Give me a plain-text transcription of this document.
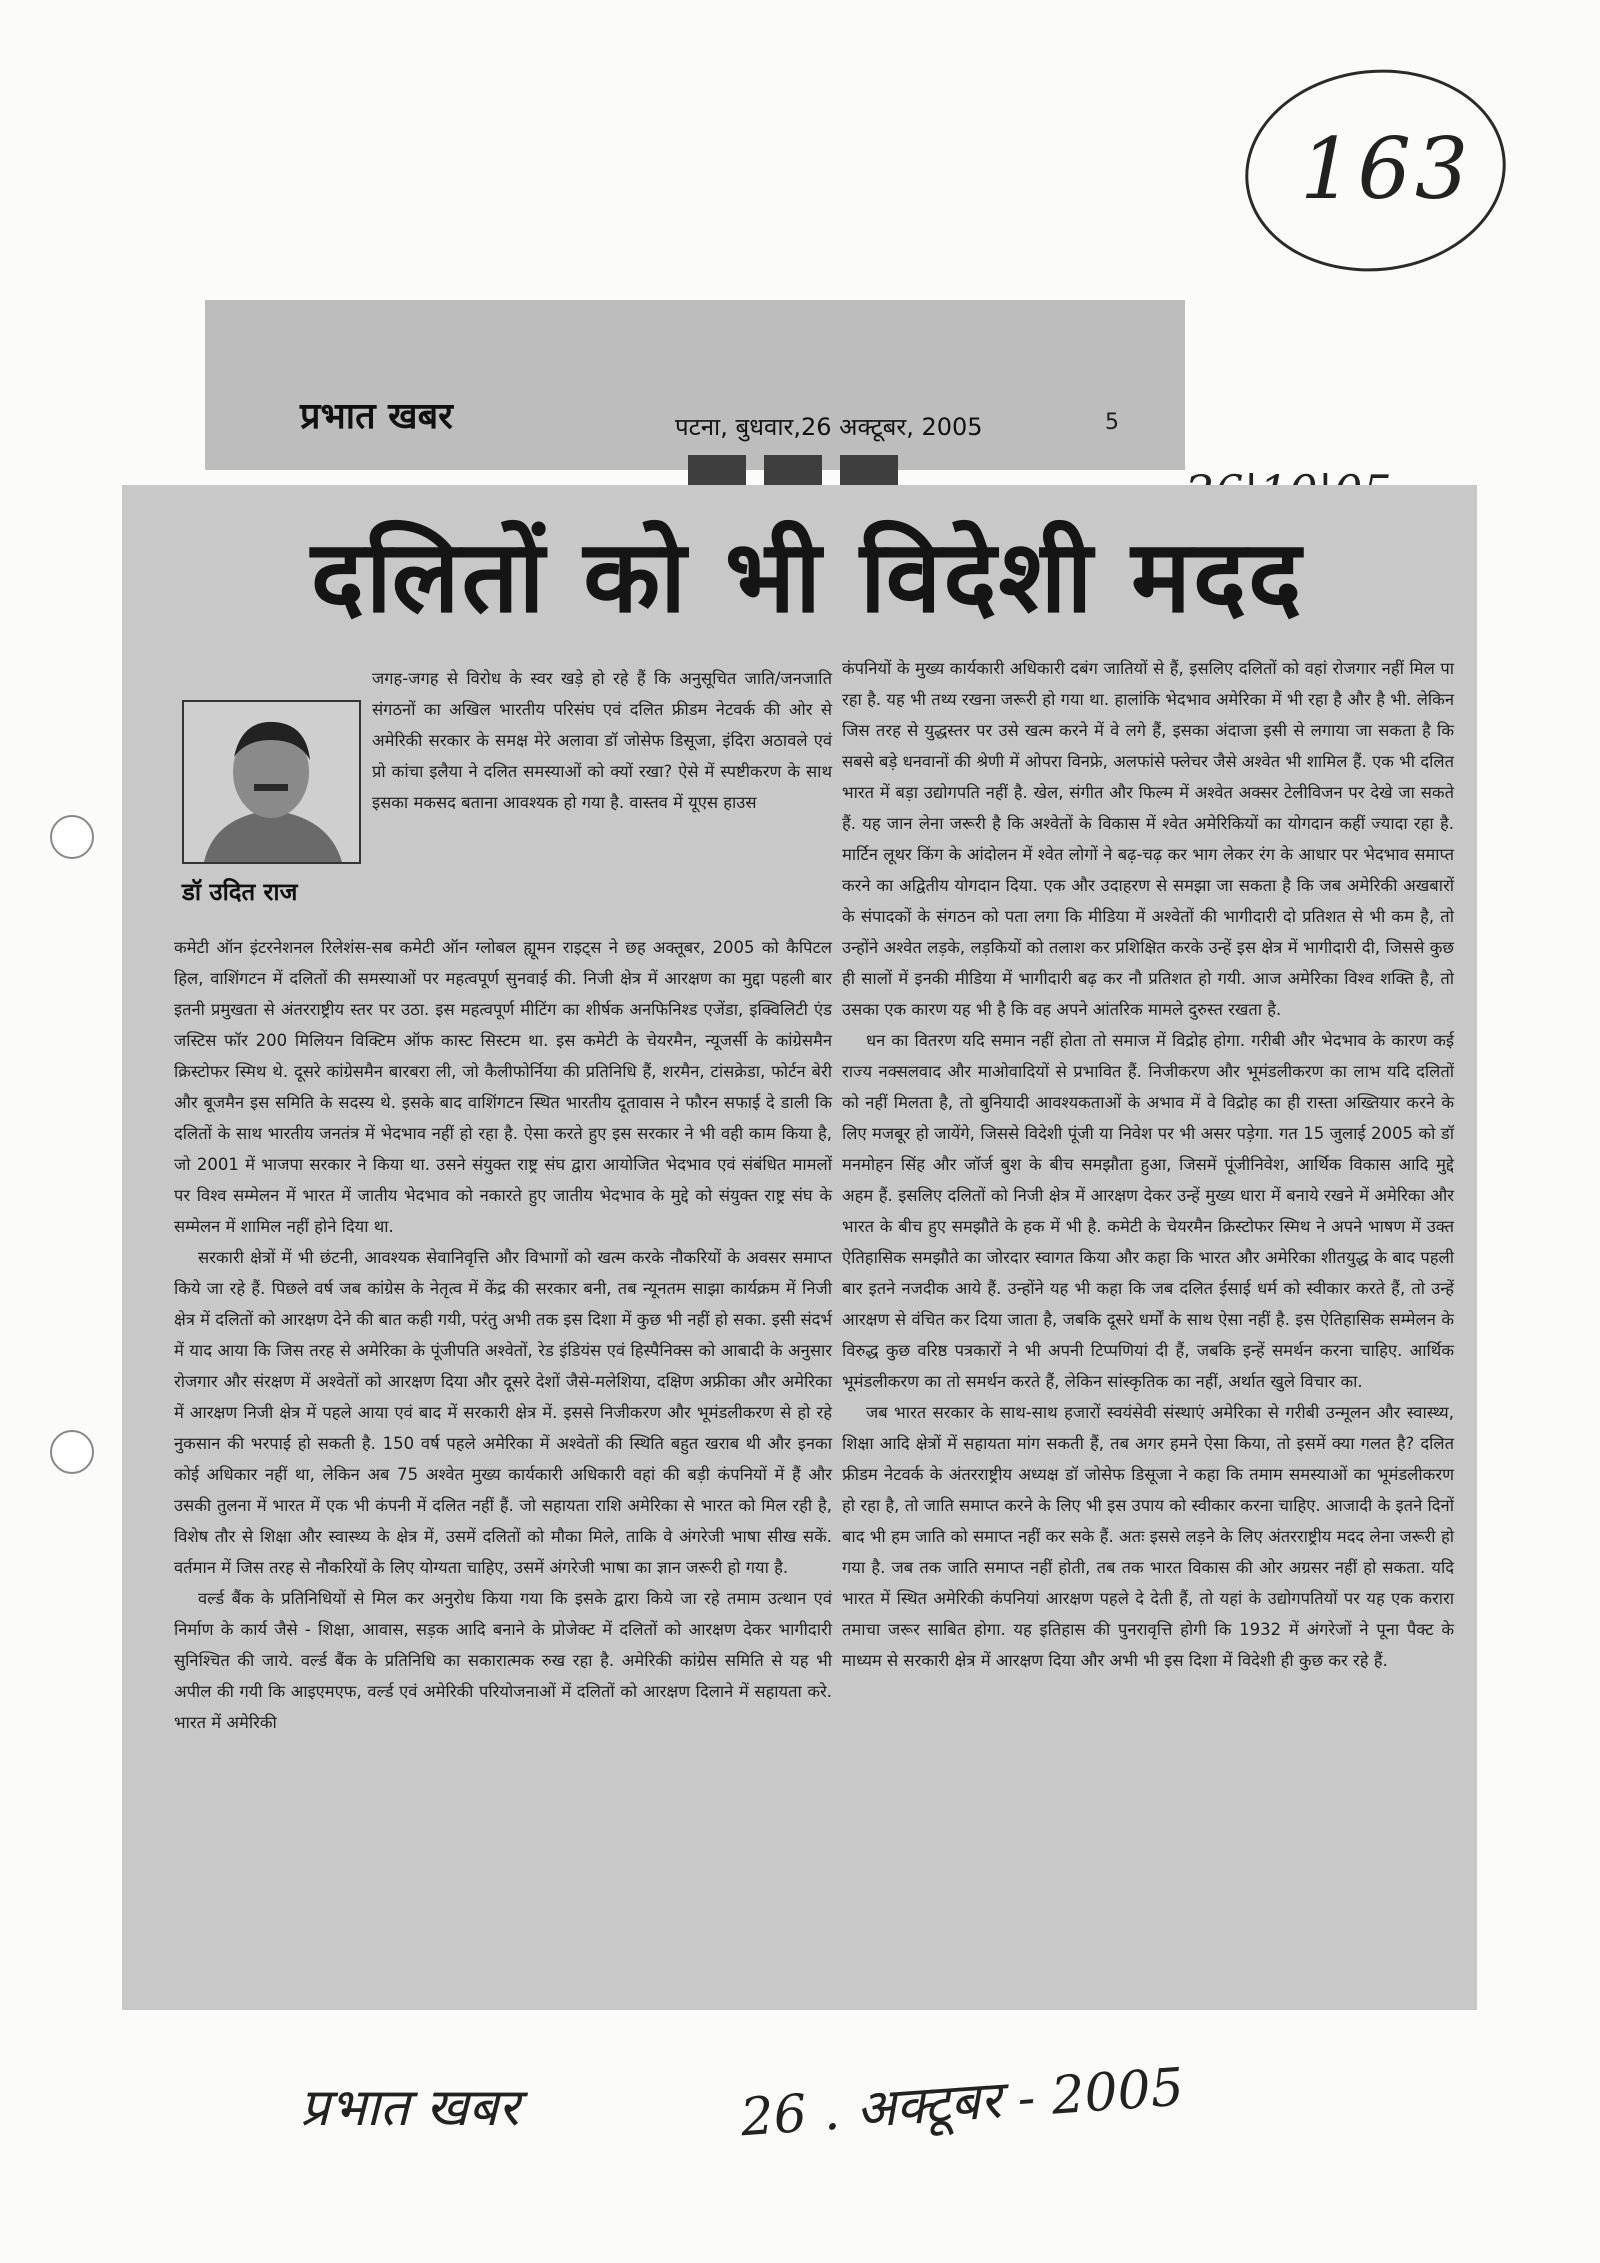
163
प्रभात खबर	पटना, बुधवार,26 अक्टूबर, 2005	5
दलितों को भी विदेशी मदद
डॉ उदित राज

जगह-जगह से विरोध के स्वर खड़े हो रहे हैं कि अनुसूचित जाति/जनजाति संगठनों का अखिल भारतीय परिसंघ एवं दलित फ्रीडम नेटवर्क की ओर से अमेरिकी सरकार के समक्ष मेरे अलावा डॉ जोसेफ डिसूजा, इंदिरा अठावले एवं प्रो कांचा इलैया ने दलित समस्याओं को क्यों रखा? ऐसे में स्पष्टीकरण के साथ इसका मकसद बताना आवश्यक हो गया है. वास्तव में यूएस हाउस

कमेटी ऑन इंटरनेशनल रिलेशंस-सब कमेटी ऑन ग्लोबल ह्यूमन राइट्स ने छह अक्तूबर, 2005 को कैपिटल हिल, वाशिंगटन में दलितों की समस्याओं पर महत्वपूर्ण सुनवाई की. निजी क्षेत्र में आरक्षण का मुद्दा पहली बार इतनी प्रमुखता से अंतरराष्ट्रीय स्तर पर उठा. इस महत्वपूर्ण मीटिंग का शीर्षक अनफिनिश्ड एजेंडा, इक्विलिटी एंड जस्टिस फॉर 200 मिलियन विक्टिम ऑफ कास्ट सिस्टम था. इस कमेटी के चेयरमैन, न्यूजर्सी के कांग्रेसमैन क्रिस्टोफर स्मिथ थे. दूसरे कांग्रेसमैन बारबरा ली, जो कैलीफोर्निया की प्रतिनिधि हैं, शरमैन, टांसक्रेडा, फोर्टन बेरी और बूजमैन इस समिति के सदस्य थे. इसके बाद वाशिंगटन स्थित भारतीय दूतावास ने फौरन सफाई दे डाली कि दलितों के साथ भारतीय जनतंत्र में भेदभाव नहीं हो रहा है. ऐसा करते हुए इस सरकार ने भी वही काम किया है, जो 2001 में भाजपा सरकार ने किया था. उसने संयुक्त राष्ट्र संघ द्वारा आयोजित भेदभाव एवं संबंधित मामलों पर विश्व सम्मेलन में भारत में जातीय भेदभाव को नकारते हुए जातीय भेदभाव के मुद्दे को संयुक्त राष्ट्र संघ के सम्मेलन में शामिल नहीं होने दिया था.

सरकारी क्षेत्रों में भी छंटनी, आवश्यक सेवानिवृत्ति और विभागों को खत्म करके नौकरियों के अवसर समाप्त किये जा रहे हैं. पिछले वर्ष जब कांग्रेस के नेतृत्व में केंद्र की सरकार बनी, तब न्यूनतम साझा कार्यक्रम में निजी क्षेत्र में दलितों को आरक्षण देने की बात कही गयी, परंतु अभी तक इस दिशा में कुछ भी नहीं हो सका. इसी संदर्भ में याद आया कि जिस तरह से अमेरिका के पूंजीपति अश्वेतों, रेड इंडियंस एवं हिस्पैनिक्स को आबादी के अनुसार रोजगार और संरक्षण में अश्वेतों को आरक्षण दिया और दूसरे देशों जैसे-मलेशिया, दक्षिण अफ्रीका और अमेरिका में आरक्षण निजी क्षेत्र में पहले आया एवं बाद में सरकारी क्षेत्र में. इससे निजीकरण और भूमंडलीकरण से हो रहे नुकसान की भरपाई हो सकती है. 150 वर्ष पहले अमेरिका में अश्वेतों की स्थिति बहुत खराब थी और इनका कोई अधिकार नहीं था, लेकिन अब 75 अश्वेत मुख्य कार्यकारी अधिकारी वहां की बड़ी कंपनियों में हैं और उसकी तुलना में भारत में एक भी कंपनी में दलित नहीं हैं. जो सहायता राशि अमेरिका से भारत को मिल रही है, विशेष तौर से शिक्षा और स्वास्थ्य के क्षेत्र में, उसमें दलितों को मौका मिले, ताकि वे अंगरेजी भाषा सीख सकें. वर्तमान में जिस तरह से नौकरियों के लिए योग्यता चाहिए, उसमें अंगरेजी भाषा का ज्ञान जरूरी हो गया है.

वर्ल्ड बैंक के प्रतिनिधियों से मिल कर अनुरोध किया गया कि इसके द्वारा किये जा रहे तमाम उत्थान एवं निर्माण के कार्य जैसे - शिक्षा, आवास, सड़क आदि बनाने के प्रोजेक्ट में दलितों को आरक्षण देकर भागीदारी सुनिश्चित की जाये. वर्ल्ड बैंक के प्रतिनिधि का सकारात्मक रुख रहा है. अमेरिकी कांग्रेस समिति से यह भी अपील की गयी कि आइएमएफ, वर्ल्ड एवं अमेरिकी परियोजनाओं में दलितों को आरक्षण दिलाने में सहायता करे. भारत में अमेरिकी

कंपनियों के मुख्य कार्यकारी अधिकारी दबंग जातियों से हैं, इसलिए दलितों को वहां रोजगार नहीं मिल पा रहा है. यह भी तथ्य रखना जरूरी हो गया था. हालांकि भेदभाव अमेरिका में भी रहा है और है भी. लेकिन जिस तरह से युद्धस्तर पर उसे खत्म करने में वे लगे हैं, इसका अंदाजा इसी से लगाया जा सकता है कि सबसे बड़े धनवानों की श्रेणी में ओपरा विनफ्रे, अलफांसे फ्लेचर जैसे अश्वेत भी शामिल हैं. एक भी दलित भारत में बड़ा उद्योगपति नहीं है. खेल, संगीत और फिल्म में अश्वेत अक्सर टेलीविजन पर देखे जा सकते हैं. यह जान लेना जरूरी है कि अश्वेतों के विकास में श्वेत अमेरिकियों का योगदान कहीं ज्यादा रहा है. मार्टिन लूथर किंग के आंदोलन में श्वेत लोगों ने बढ़-चढ़ कर भाग लेकर रंग के आधार पर भेदभाव समाप्त करने का अद्वितीय योगदान दिया. एक और उदाहरण से समझा जा सकता है कि जब अमेरिकी अखबारों के संपादकों के संगठन को पता लगा कि मीडिया में अश्वेतों की भागीदारी दो प्रतिशत से भी कम है, तो उन्होंने अश्वेत लड़के, लड़कियों को तलाश कर प्रशिक्षित करके उन्हें इस क्षेत्र में भागीदारी दी, जिससे कुछ ही सालों में इनकी मीडिया में भागीदारी बढ़ कर नौ प्रतिशत हो गयी. आज अमेरिका विश्व शक्ति है, तो उसका एक कारण यह भी है कि वह अपने आंतरिक मामले दुरुस्त रखता है.

धन का वितरण यदि समान नहीं होता तो समाज में विद्रोह होगा. गरीबी और भेदभाव के कारण कई राज्य नक्सलवाद और माओवादियों से प्रभावित हैं. निजीकरण और भूमंडलीकरण का लाभ यदि दलितों को नहीं मिलता है, तो बुनियादी आवश्यकताओं के अभाव में वे विद्रोह का ही रास्ता अख्तियार करने के लिए मजबूर हो जायेंगे, जिससे विदेशी पूंजी या निवेश पर भी असर पड़ेगा. गत 15 जुलाई 2005 को डॉ मनमोहन सिंह और जॉर्ज बुश के बीच समझौता हुआ, जिसमें पूंजीनिवेश, आर्थिक विकास आदि मुद्दे अहम हैं. इसलिए दलितों को निजी क्षेत्र में आरक्षण देकर उन्हें मुख्य धारा में बनाये रखने में अमेरिका और भारत के बीच हुए समझौते के हक में भी है. कमेटी के चेयरमैन क्रिस्टोफर स्मिथ ने अपने भाषण में उक्त ऐतिहासिक समझौते का जोरदार स्वागत किया और कहा कि भारत और अमेरिका शीतयुद्ध के बाद पहली बार इतने नजदीक आये हैं. उन्होंने यह भी कहा कि जब दलित ईसाई धर्म को स्वीकार करते हैं, तो उन्हें आरक्षण से वंचित कर दिया जाता है, जबकि दूसरे धर्मों के साथ ऐसा नहीं है. इस ऐतिहासिक सम्मेलन के विरुद्ध कुछ वरिष्ठ पत्रकारों ने भी अपनी टिप्पणियां दी हैं, जबकि इन्हें समर्थन करना चाहिए. आर्थिक भूमंडलीकरण का तो समर्थन करते हैं, लेकिन सांस्कृतिक का नहीं, अर्थात खुले विचार का.

जब भारत सरकार के साथ-साथ हजारों स्वयंसेवी संस्थाएं अमेरिका से गरीबी उन्मूलन और स्वास्थ्य, शिक्षा आदि क्षेत्रों में सहायता मांग सकती हैं, तब अगर हमने ऐसा किया, तो इसमें क्या गलत है? दलित फ्रीडम नेटवर्क के अंतरराष्ट्रीय अध्यक्ष डॉ जोसेफ डिसूजा ने कहा कि तमाम समस्याओं का भूमंडलीकरण हो रहा है, तो जाति समाप्त करने के लिए भी इस उपाय को स्वीकार करना चाहिए. आजादी के इतने दिनों बाद भी हम जाति को समाप्त नहीं कर सके हैं. अतः इससे लड़ने के लिए अंतरराष्ट्रीय मदद लेना जरूरी हो गया है. जब तक जाति समाप्त नहीं होती, तब तक भारत विकास की ओर अग्रसर नहीं हो सकता. यदि भारत में स्थित अमेरिकी कंपनियां आरक्षण पहले दे देती हैं, तो यहां के उद्योगपतियों पर यह एक करारा तमाचा जरूर साबित होगा. यह इतिहास की पुनरावृत्ति होगी कि 1932 में अंगरेजों ने पूना पैक्ट के माध्यम से सरकारी क्षेत्र में आरक्षण दिया और अभी भी इस दिशा में विदेशी ही कुछ कर रहे हैं.

प्रभात खबर	26 . अक्टूबर - 2005
